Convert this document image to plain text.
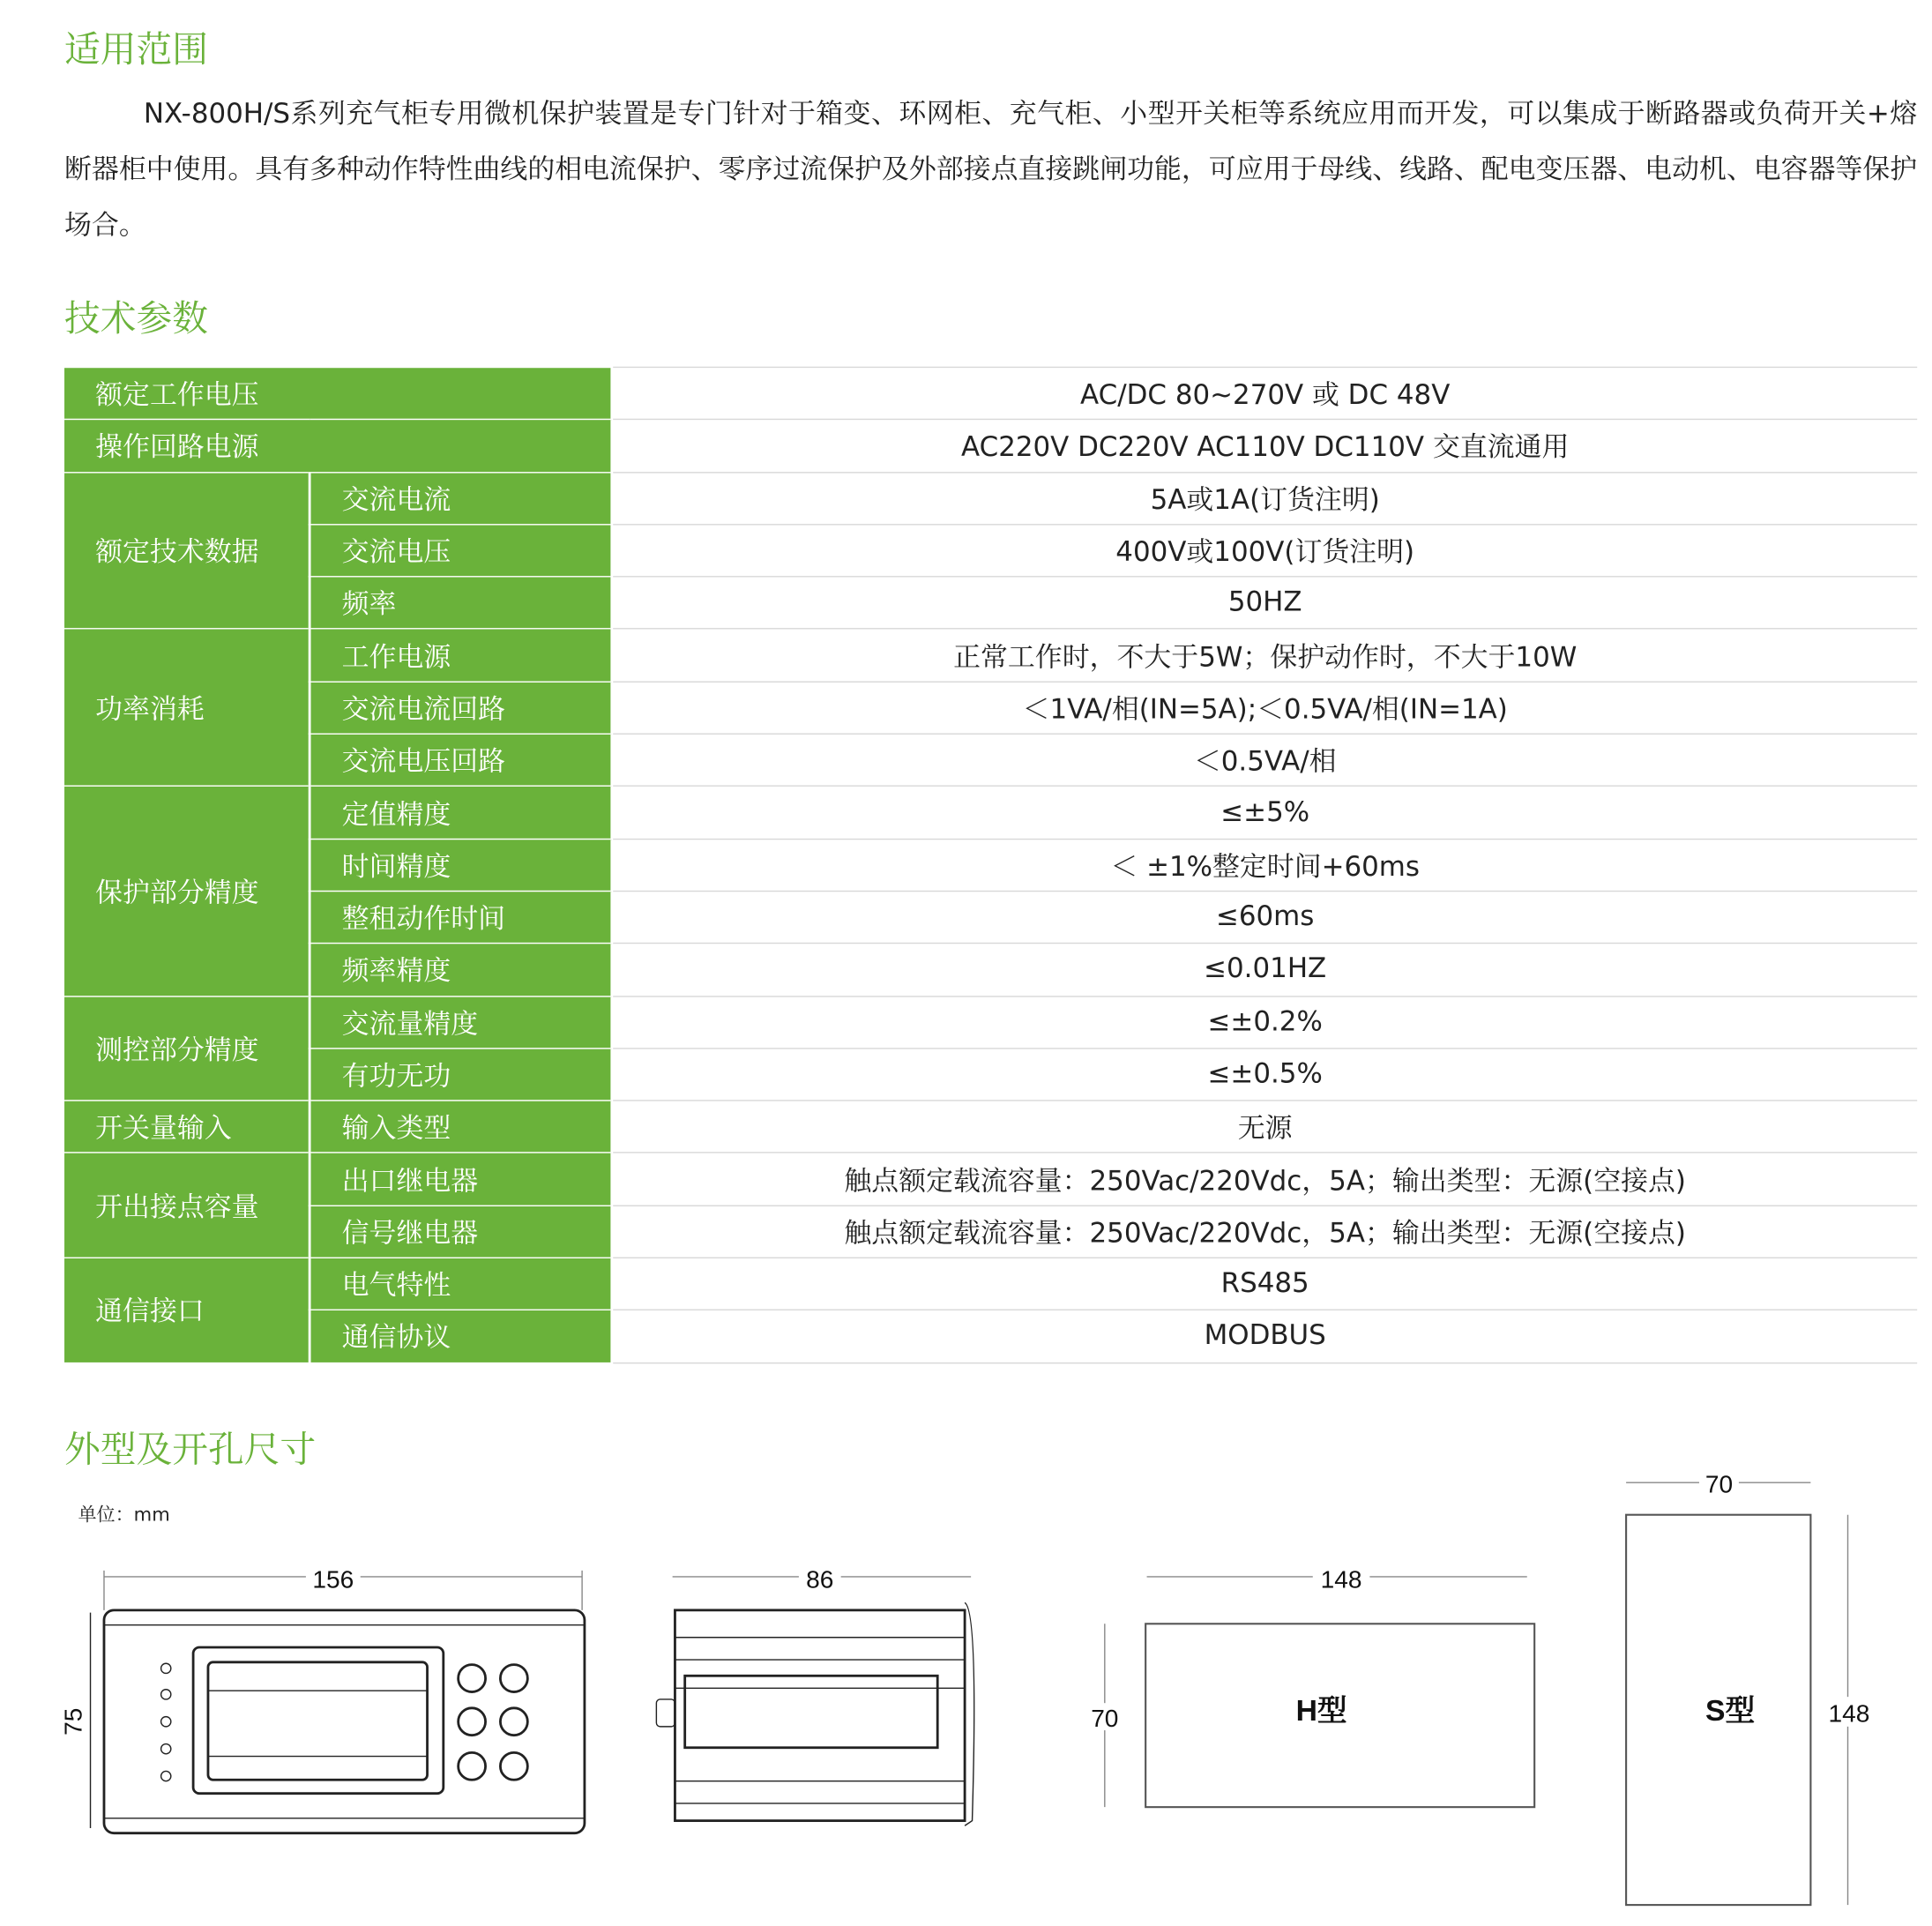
适用范围

NX-800H/S系列充气柜专用微机保护装置是专门针对于箱变、环网柜、充气柜、小型开关柜等系统应用而开发，可以集成于断路器或负荷开关+熔断器柜中使用。具有多种动作特性曲线的相电流保护、零序过流保护及外部接点直接跳闸功能，可应用于母线、线路、配电变压器、电动机、电容器等保护场合。

技术参数
额定工作电压		AC/DC 80~270V 或 DC 48V
操作回路电源		AC220V DC220V AC110V DC110V 交直流通用
额定技术数据	交流电流	5A或1A(订货注明)
	交流电压	400V或100V(订货注明)
	频率	50HZ
功率消耗	工作电源	正常工作时，不大于5W；保护动作时，不大于10W
	交流电流回路	＜1VA/相(IN=5A);＜0.5VA/相(IN=1A)
	交流电压回路	＜0.5VA/相
保护部分精度	定值精度	≤±5%
	时间精度	＜ ±1%整定时间+60ms
	整租动作时间	≤60ms
	频率精度	≤0.01HZ
测控部分精度	交流量精度	≤±0.2%
	有功无功	≤±0.5%
开关量输入	输入类型	无源
开出接点容量	出口继电器	触点额定载流容量：250Vac/220Vdc，5A；输出类型：无源(空接点)
	信号继电器	触点额定载流容量：250Vac/220Vdc，5A；输出类型：无源(空接点)
通信接口	电气特性	RS485
	通信协议	MODBUS
外型及开孔尺寸
单位：mm
156
75
86	148
70	H型
70
148
S型
